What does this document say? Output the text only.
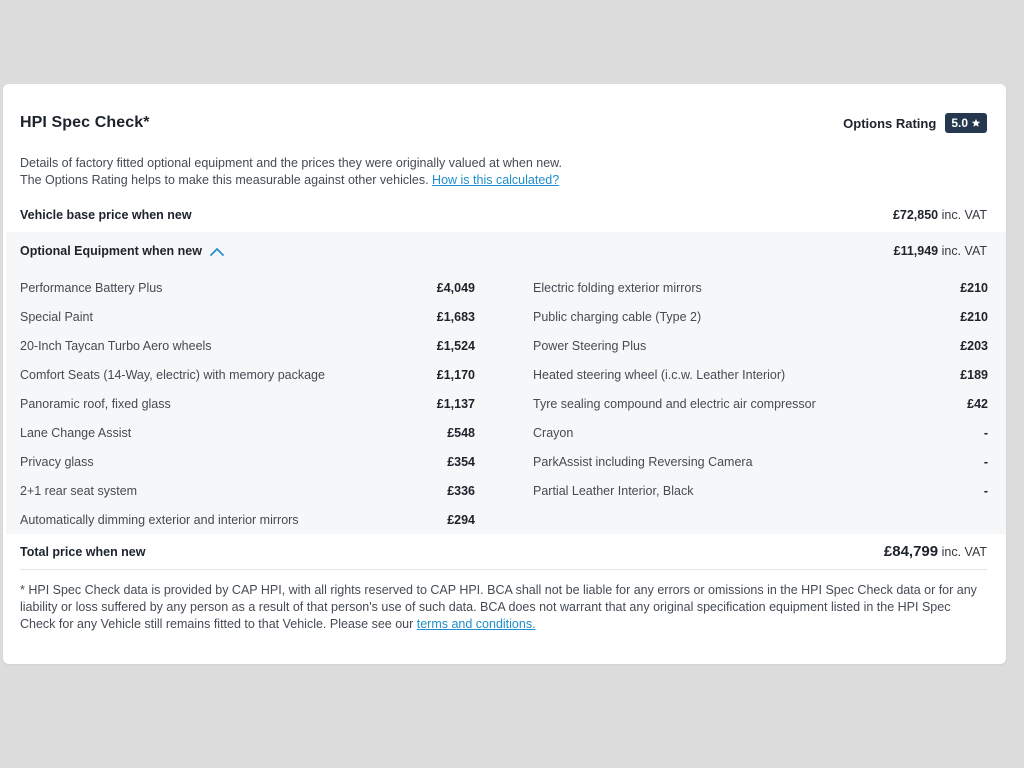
HPI Spec Check*	Options Rating 5.0
Details of factory fitted optional equipment and the prices they were originally valued at when new.
The Options Rating helps to make this measurable against other vehicles. How is this calculated?
Vehicle base price when new	£72,850 inc. VAT
Optional Equipment when new	£11,949 inc. VAT
Performance Battery Plus	£4,049
Special Paint	£1,683
20-Inch Taycan Turbo Aero wheels	£1,524
Comfort Seats (14-Way, electric) with memory package	£1,170
Panoramic roof, fixed glass	£1,137
Lane Change Assist	£548
Privacy glass	£354
2+1 rear seat system	£336
Automatically dimming exterior and interior mirrors	£294
Electric folding exterior mirrors	£210
Public charging cable (Type 2)	£210
Power Steering Plus	£203
Heated steering wheel (i.c.w. Leather Interior)	£189
Tyre sealing compound and electric air compressor	£42
Crayon	-
ParkAssist including Reversing Camera	-
Partial Leather Interior, Black	-
Total price when new	£84,799 inc. VAT
* HPI Spec Check data is provided by CAP HPI, with all rights reserved to CAP HPI. BCA shall not be liable for any errors or omissions in the HPI Spec Check data or for any liability or loss suffered by any person as a result of that person's use of such data. BCA does not warrant that any original specification equipment listed in the HPI Spec Check for any Vehicle still remains fitted to that Vehicle. Please see our terms and conditions.
